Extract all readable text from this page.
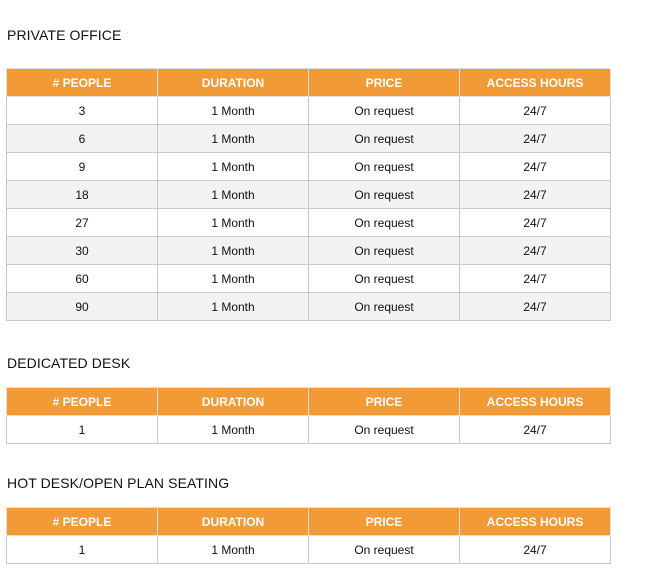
PRIVATE OFFICE
# PEOPLE	DURATION	PRICE	ACCESS HOURS
3	1 Month	On request	24/7
6	1 Month	On request	24/7
9	1 Month	On request	24/7
18	1 Month	On request	24/7
27	1 Month	On request	24/7
30	1 Month	On request	24/7
60	1 Month	On request	24/7
90	1 Month	On request	24/7
DEDICATED DESK
# PEOPLE	DURATION	PRICE	ACCESS HOURS
1	1 Month	On request	24/7
HOT DESK/OPEN PLAN SEATING
# PEOPLE	DURATION	PRICE	ACCESS HOURS
1	1 Month	On request	24/7
